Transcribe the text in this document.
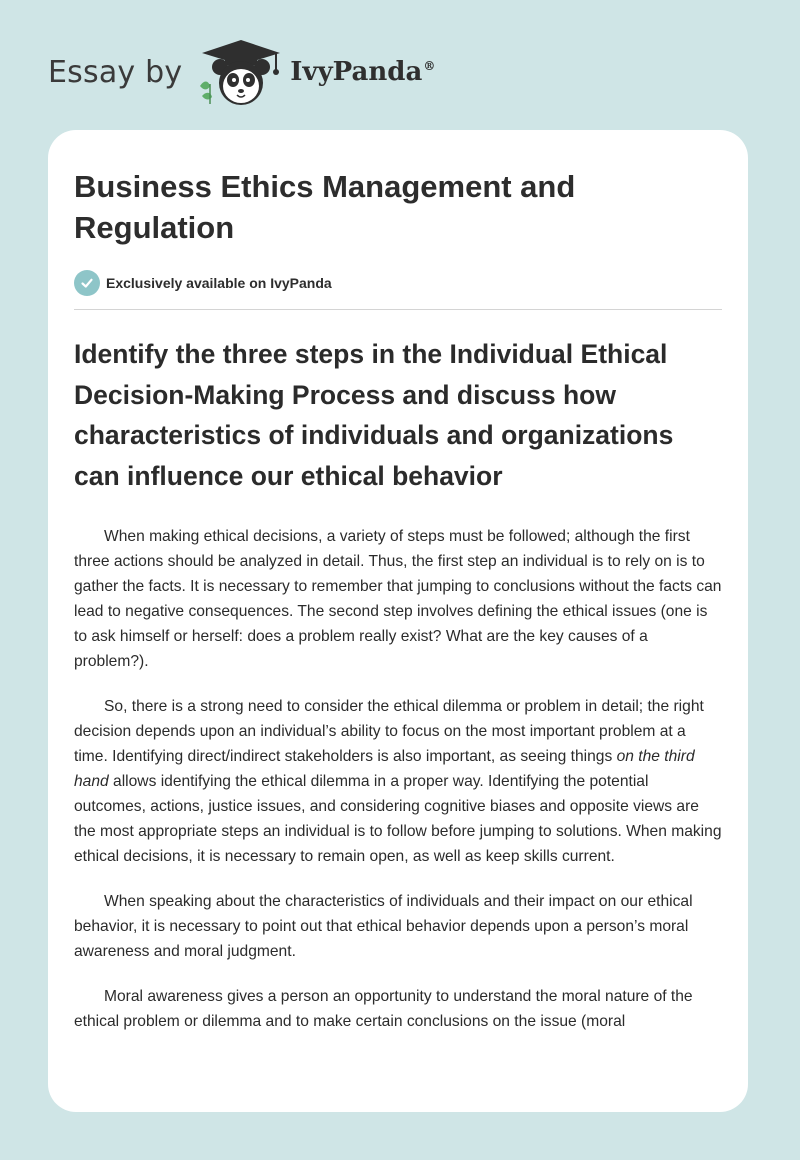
Essay by	IvyPanda®
Business Ethics Management and Regulation
Exclusively available on IvyPanda
Identify the three steps in the Individual Ethical Decision-Making Process and discuss how characteristics of individuals and organizations can influence our ethical behavior

When making ethical decisions, a variety of steps must be followed; although the first three actions should be analyzed in detail. Thus, the first step an individual is to rely on is to gather the facts. It is necessary to remember that jumping to conclusions without the facts can lead to negative consequences. The second step involves defining the ethical issues (one is to ask himself or herself: does a problem really exist? What are the key causes of a problem?).

So, there is a strong need to consider the ethical dilemma or problem in detail; the right decision depends upon an individual’s ability to focus on the most important problem at a time. Identifying direct/indirect stakeholders is also important, as seeing things on the third hand allows identifying the ethical dilemma in a proper way. Identifying the potential outcomes, actions, justice issues, and considering cognitive biases and opposite views are the most appropriate steps an individual is to follow before jumping to solutions. When making ethical decisions, it is necessary to remain open, as well as keep skills current.

When speaking about the characteristics of individuals and their impact on our ethical behavior, it is necessary to point out that ethical behavior depends upon a person’s moral awareness and moral judgment.

Moral awareness gives a person an opportunity to understand the moral nature of the ethical problem or dilemma and to make certain conclusions on the issue (moral
